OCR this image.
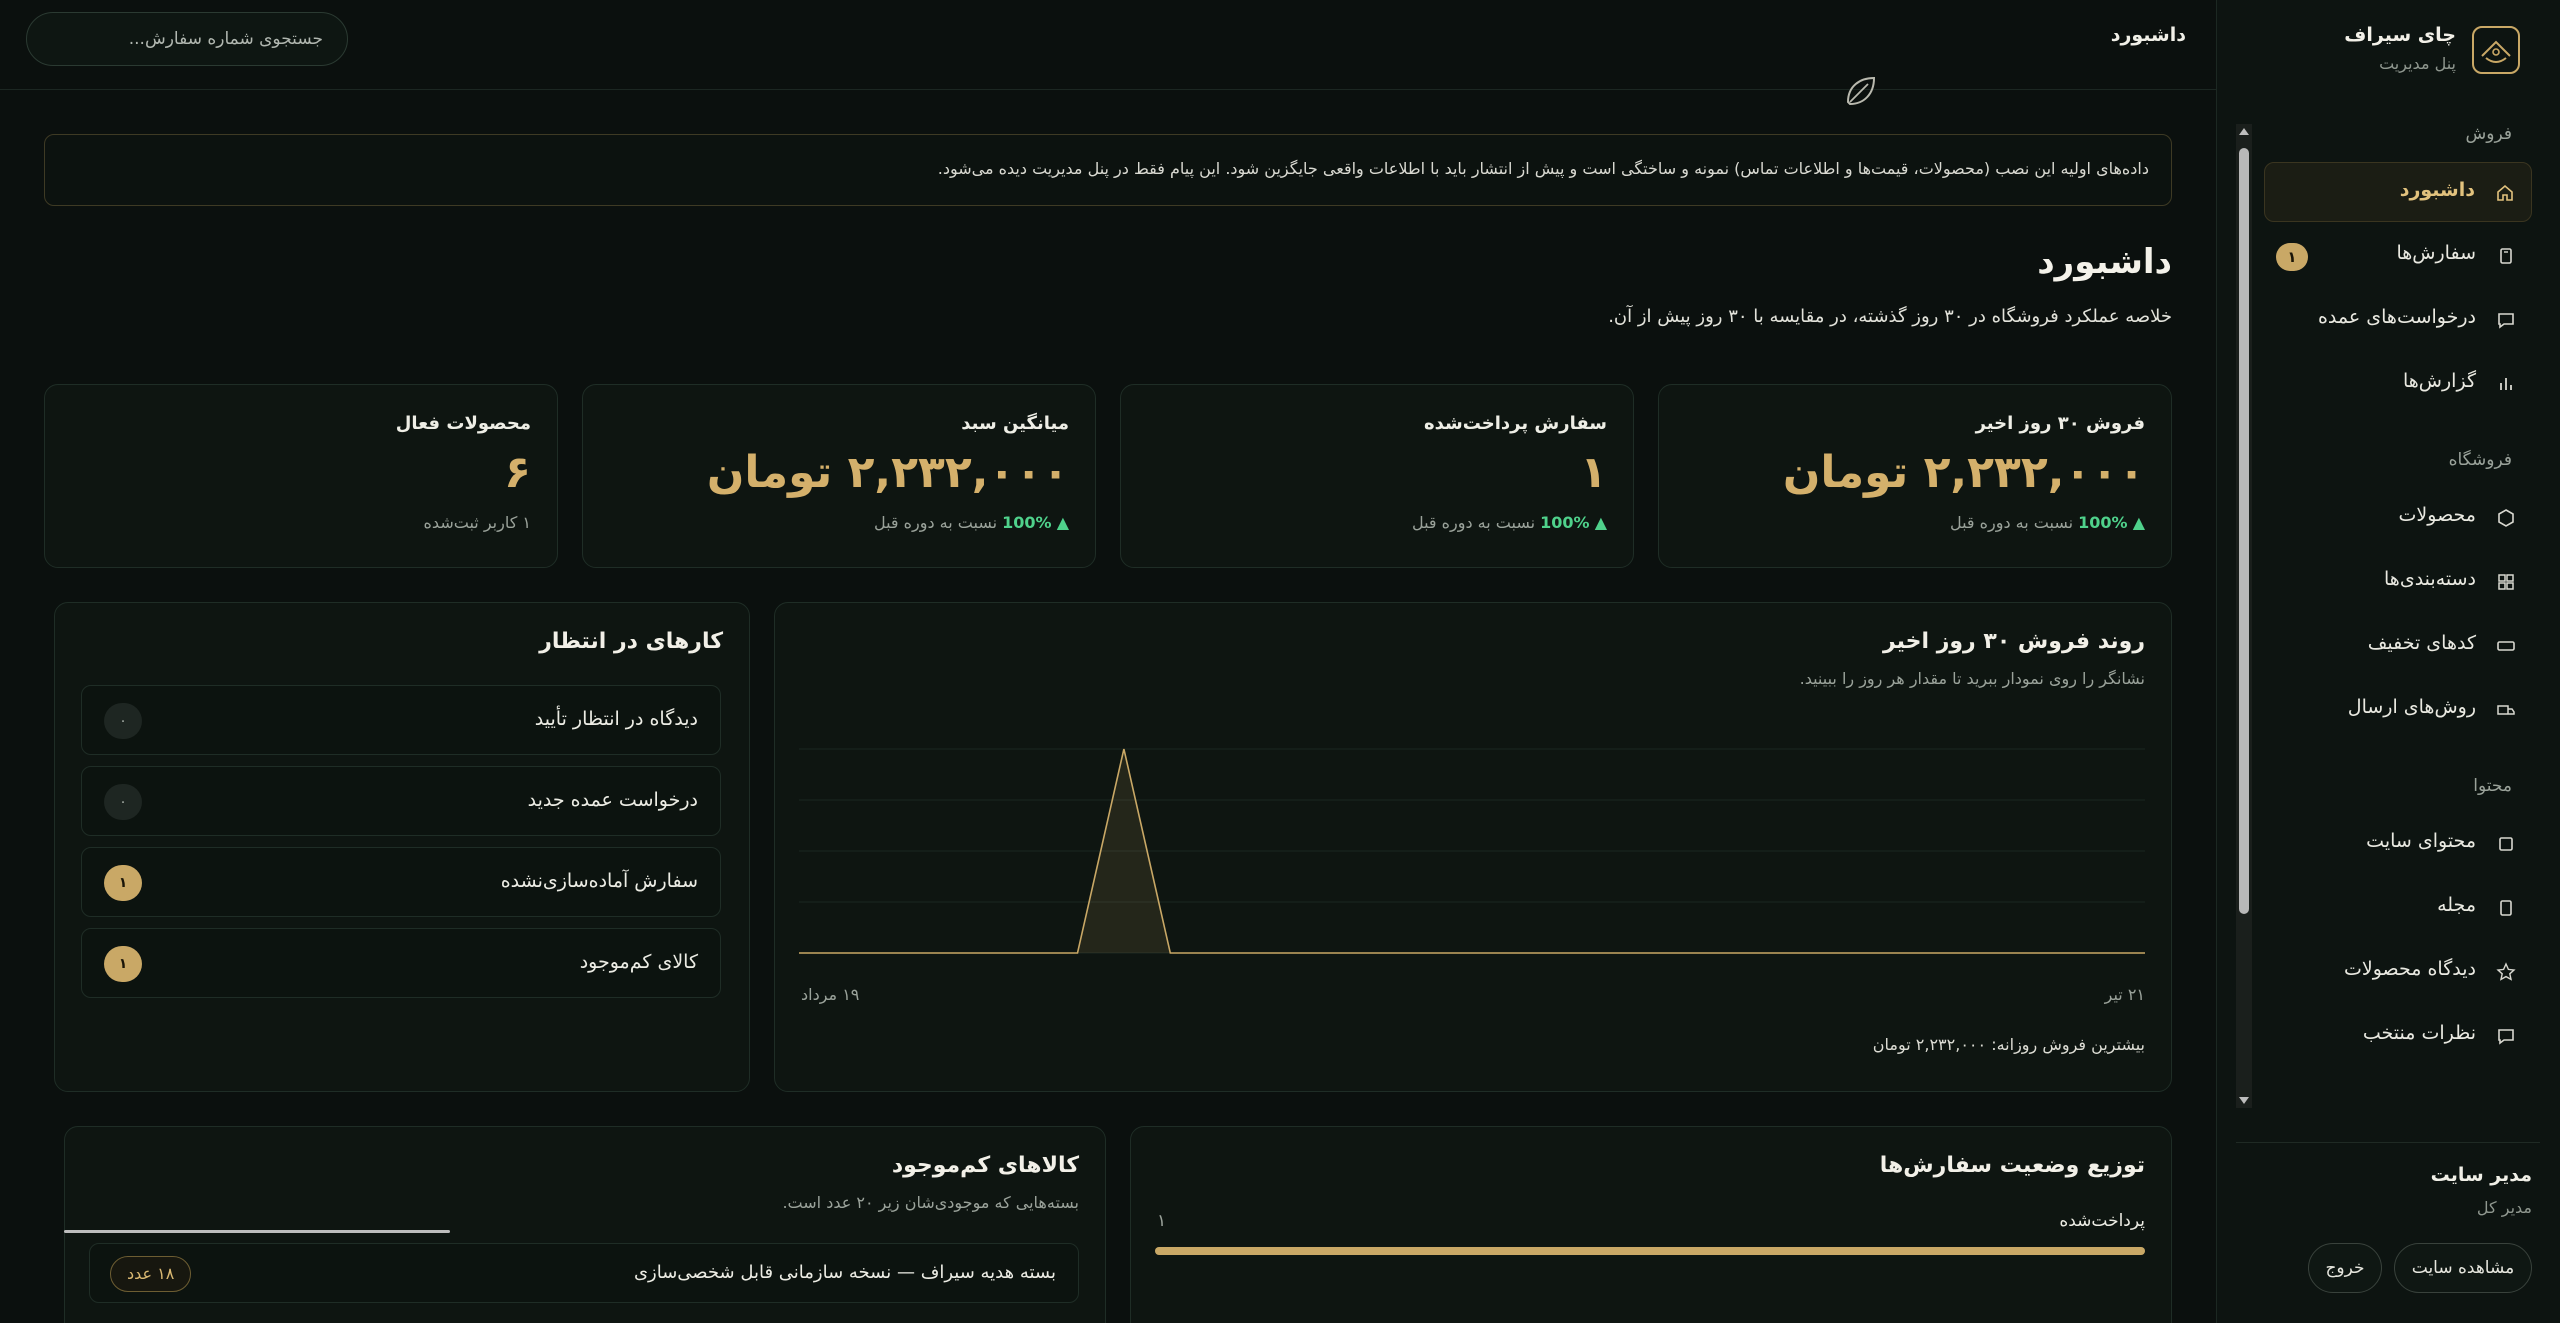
چای سیراف
پنل مدیریت
فروش
داشبورد
سفارش‌ها
۱
درخواست‌های عمده
گزارش‌ها
فروشگاه
محصولات
دسته‌بندی‌ها
کدهای تخفیف
روش‌های ارسال
محتوا
محتوای سایت
مجله
دیدگاه محصولات
نظرات منتخب
مدیر سایت
مدیر کل
مشاهده سایت
خروج
داشبورد
جستجوی شماره سفارش...
داده‌های اولیه این نصب (محصولات، قیمت‌ها و اطلاعات تماس) نمونه و ساختگی است و پیش از انتشار باید با اطلاعات واقعی جایگزین شود. این پیام فقط در پنل مدیریت دیده می‌شود.
داشبورد
خلاصه عملکرد فروشگاه در ۳۰ روز گذشته، در مقایسه با ۳۰ روز پیش از آن.
فروش ۳۰ روز اخیر
۲,۲۳۲,۰۰۰ تومان
▲ 100% نسبت به دوره قبل
سفارش پرداخت‌شده
۱
▲ 100% نسبت به دوره قبل
میانگین سبد
۲,۲۳۲,۰۰۰ تومان
▲ 100% نسبت به دوره قبل
محصولات فعال
۶
۱ کاربر ثبت‌شده
روند فروش ۳۰ روز اخیر
نشانگر را روی نمودار ببرید تا مقدار هر روز را ببینید.
۲۱ تیر
۱۹ مرداد
بیشترین فروش روزانه: ۲,۲۳۲,۰۰۰ تومان
کارهای در انتظار
دیدگاه در انتظار تأیید
۰
درخواست عمده جدید
۰
سفارش آماده‌سازی‌نشده
۱
کالای کم‌موجود
۱
توزیع وضعیت سفارش‌ها
پرداخت‌شده
۱
کالاهای کم‌موجود
بسته‌هایی که موجودی‌شان زیر ۲۰ عدد است.
بسته هدیه سیراف — نسخه سازمانی قابل شخصی‌سازی
۱۸ عدد
